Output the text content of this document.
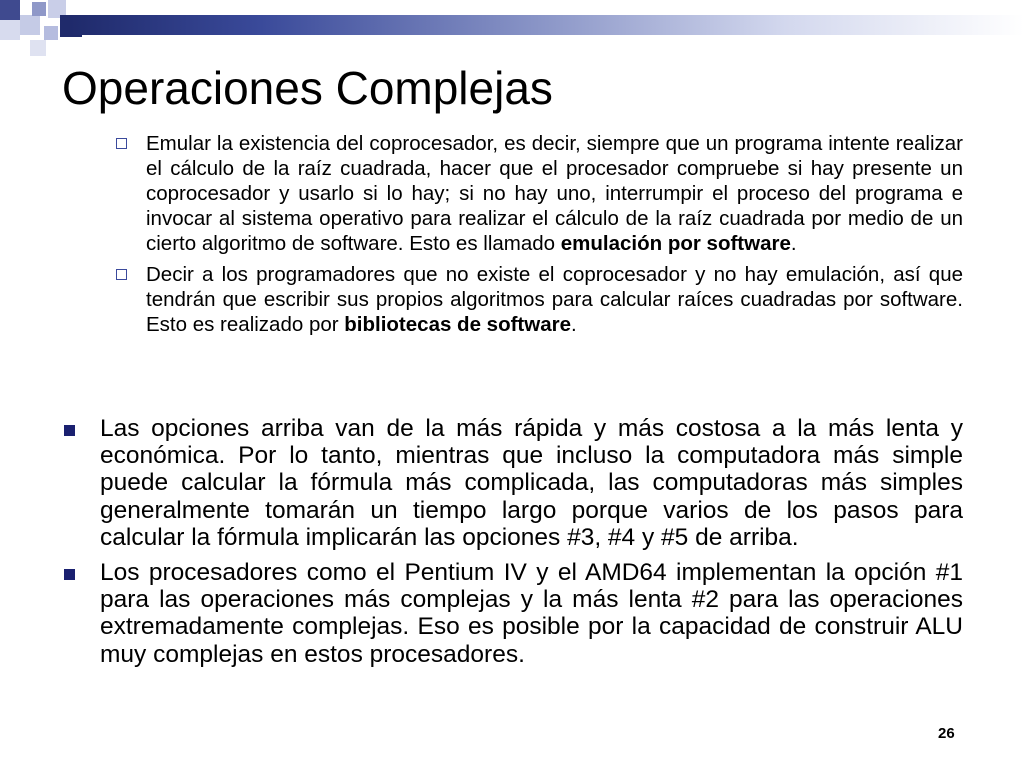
Operaciones Complejas
Emular la existencia del coprocesador, es decir, siempre que un programa intente realizar el cálculo de la raíz cuadrada, hacer que el procesador compruebe si hay presente un coprocesador y usarlo si lo hay; si no hay uno, interrumpir el proceso del programa e invocar al sistema operativo para realizar el cálculo de la raíz cuadrada por medio de un cierto algoritmo de software. Esto es llamado emulación por software.
Decir a los programadores que no existe el coprocesador y no hay emulación, así que tendrán que escribir sus propios algoritmos para calcular raíces cuadradas por software. Esto es realizado por bibliotecas de software.
Las opciones arriba van de la más rápida y más costosa a la más lenta y económica. Por lo tanto, mientras que incluso la computadora más simple puede calcular la fórmula más complicada, las computadoras más simples generalmente tomarán un tiempo largo porque varios de los pasos para calcular la fórmula implicarán las opciones #3, #4 y #5 de arriba.
Los procesadores como el Pentium IV y el AMD64 implementan la opción #1 para las operaciones más complejas y la más lenta #2 para las operaciones extremadamente complejas. Eso es posible por la capacidad de construir ALU muy complejas en estos procesadores.
26
